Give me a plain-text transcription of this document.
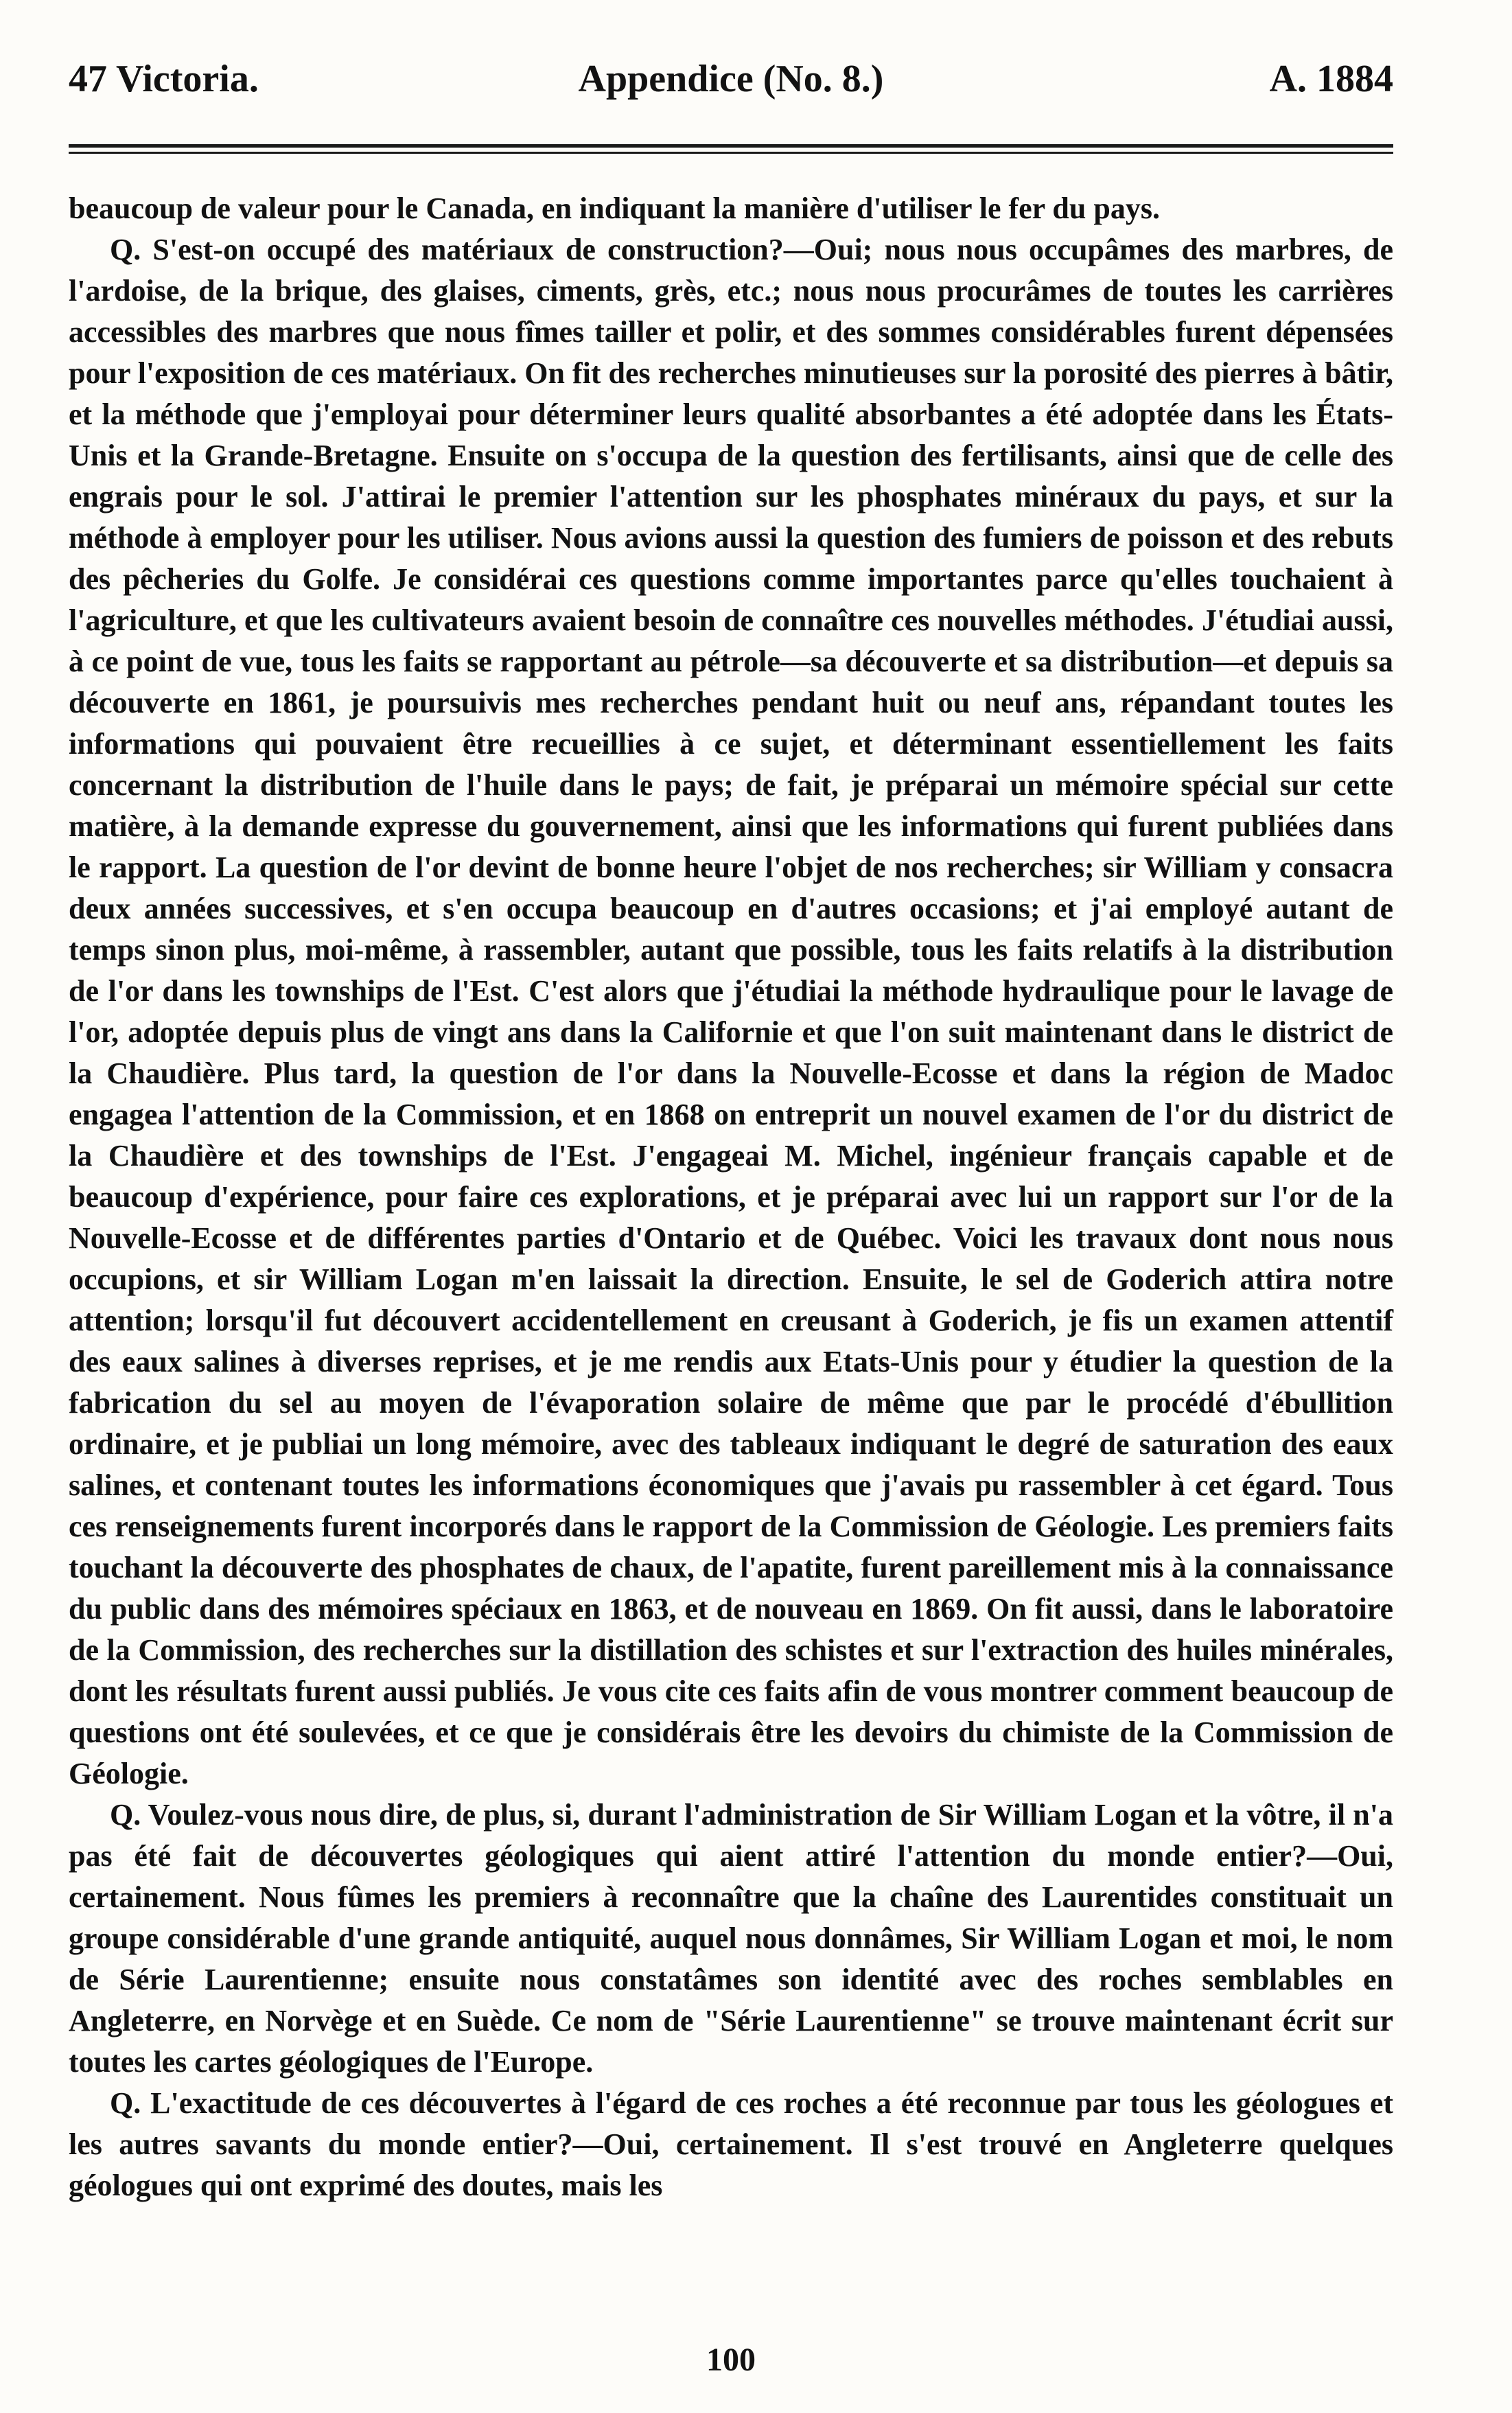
47 Victoria.	Appendice (No. 8.)	A. 1884

beaucoup de valeur pour le Canada, en indiquant la manière d'utiliser le fer du pays.

Q. S'est-on occupé des matériaux de construction?—Oui; nous nous occupâmes des marbres, de l'ardoise, de la brique, des glaises, ciments, grès, etc.; nous nous procurâmes de toutes les carrières accessibles des marbres que nous fîmes tailler et polir, et des sommes considérables furent dépensées pour l'exposition de ces matériaux. On fit des recherches minutieuses sur la porosité des pierres à bâtir, et la méthode que j'employai pour déterminer leurs qualité absorbantes a été adoptée dans les États-Unis et la Grande-Bretagne. Ensuite on s'occupa de la question des fertilisants, ainsi que de celle des engrais pour le sol. J'attirai le premier l'attention sur les phosphates minéraux du pays, et sur la méthode à employer pour les utiliser. Nous avions aussi la question des fumiers de poisson et des rebuts des pêcheries du Golfe. Je considérai ces questions comme importantes parce qu'elles touchaient à l'agriculture, et que les cultivateurs avaient besoin de connaître ces nouvelles méthodes. J'étudiai aussi, à ce point de vue, tous les faits se rapportant au pétrole—sa découverte et sa distribution—et depuis sa découverte en 1861, je poursuivis mes recherches pendant huit ou neuf ans, répandant toutes les informations qui pouvaient être recueillies à ce sujet, et déterminant essentiellement les faits concernant la distribution de l'huile dans le pays; de fait, je préparai un mémoire spécial sur cette matière, à la demande expresse du gouvernement, ainsi que les informations qui furent publiées dans le rapport. La question de l'or devint de bonne heure l'objet de nos recherches; sir William y consacra deux années successives, et s'en occupa beaucoup en d'autres occasions; et j'ai employé autant de temps sinon plus, moi-même, à rassembler, autant que possible, tous les faits relatifs à la distribution de l'or dans les townships de l'Est. C'est alors que j'étudiai la méthode hydraulique pour le lavage de l'or, adoptée depuis plus de vingt ans dans la Californie et que l'on suit maintenant dans le district de la Chaudière. Plus tard, la question de l'or dans la Nouvelle-Ecosse et dans la région de Madoc engagea l'attention de la Commission, et en 1868 on entreprit un nouvel examen de l'or du district de la Chaudière et des townships de l'Est. J'engageai M. Michel, ingénieur français capable et de beaucoup d'expérience, pour faire ces explorations, et je préparai avec lui un rapport sur l'or de la Nouvelle-Ecosse et de différentes parties d'Ontario et de Québec. Voici les travaux dont nous nous occupions, et sir William Logan m'en laissait la direction. Ensuite, le sel de Goderich attira notre attention; lorsqu'il fut découvert accidentellement en creusant à Goderich, je fis un examen attentif des eaux salines à diverses reprises, et je me rendis aux Etats-Unis pour y étudier la question de la fabrication du sel au moyen de l'évaporation solaire de même que par le procédé d'ébullition ordinaire, et je publiai un long mémoire, avec des tableaux indiquant le degré de saturation des eaux salines, et contenant toutes les informations économiques que j'avais pu rassembler à cet égard. Tous ces renseignements furent incorporés dans le rapport de la Commission de Géologie. Les premiers faits touchant la découverte des phosphates de chaux, de l'apatite, furent pareillement mis à la connaissance du public dans des mémoires spéciaux en 1863, et de nouveau en 1869. On fit aussi, dans le laboratoire de la Commission, des recherches sur la distillation des schistes et sur l'extraction des huiles minérales, dont les résultats furent aussi publiés. Je vous cite ces faits afin de vous montrer comment beaucoup de questions ont été soulevées, et ce que je considérais être les devoirs du chimiste de la Commission de Géologie.

Q. Voulez-vous nous dire, de plus, si, durant l'administration de Sir William Logan et la vôtre, il n'a pas été fait de découvertes géologiques qui aient attiré l'attention du monde entier?—Oui, certainement. Nous fûmes les premiers à reconnaître que la chaîne des Laurentides constituait un groupe considérable d'une grande antiquité, auquel nous donnâmes, Sir William Logan et moi, le nom de Série Laurentienne; ensuite nous constatâmes son identité avec des roches semblables en Angleterre, en Norvège et en Suède. Ce nom de "Série Laurentienne" se trouve maintenant écrit sur toutes les cartes géologiques de l'Europe.

Q. L'exactitude de ces découvertes à l'égard de ces roches a été reconnue par tous les géologues et les autres savants du monde entier?—Oui, certainement. Il s'est trouvé en Angleterre quelques géologues qui ont exprimé des doutes, mais les

100
